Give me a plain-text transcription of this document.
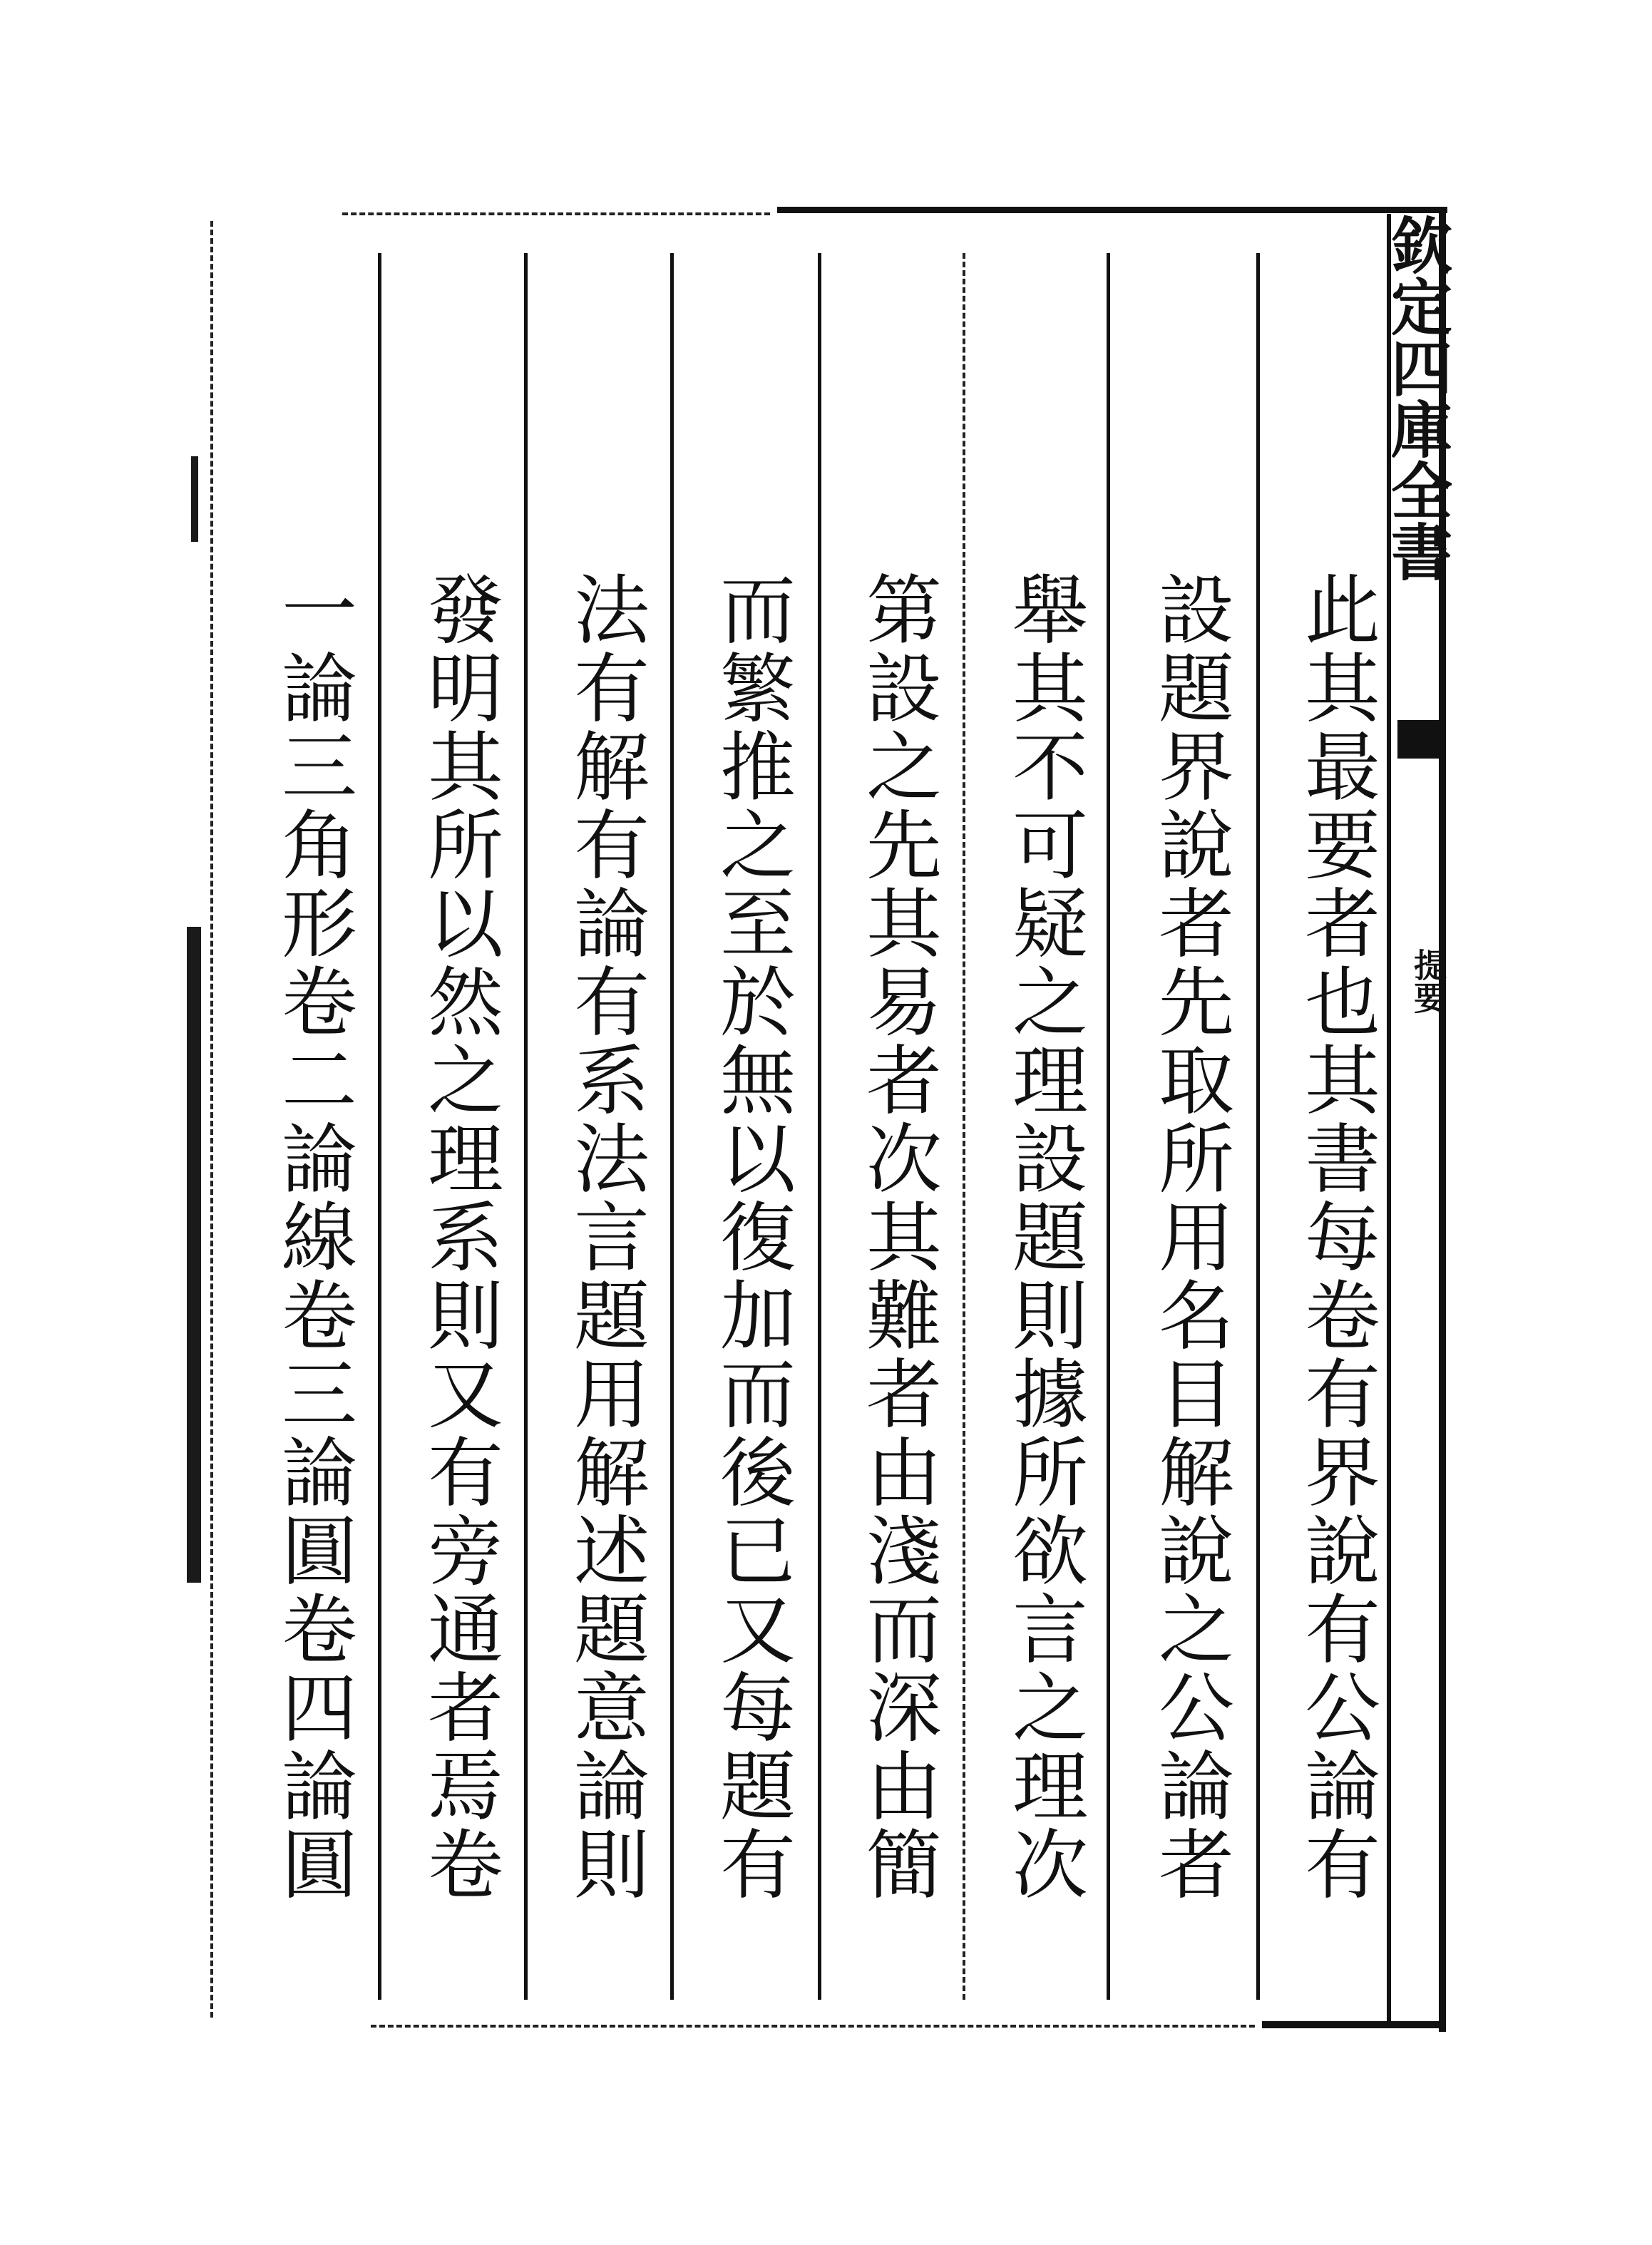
欽定四庫全書
提要
此其最要者也其書每卷有界說有公論有
設題界說者先取所用名目解說之公論者
舉其不可疑之理設題則據所欲言之理次
第設之先其易者次其難者由淺而深由簡
而繁推之至於無以復加而後已又每題有
法有解有論有系法言題用解述題意論則
發明其所以然之理系則又有旁通者焉卷
一論三角形卷二論線卷三論圓卷四論圓
